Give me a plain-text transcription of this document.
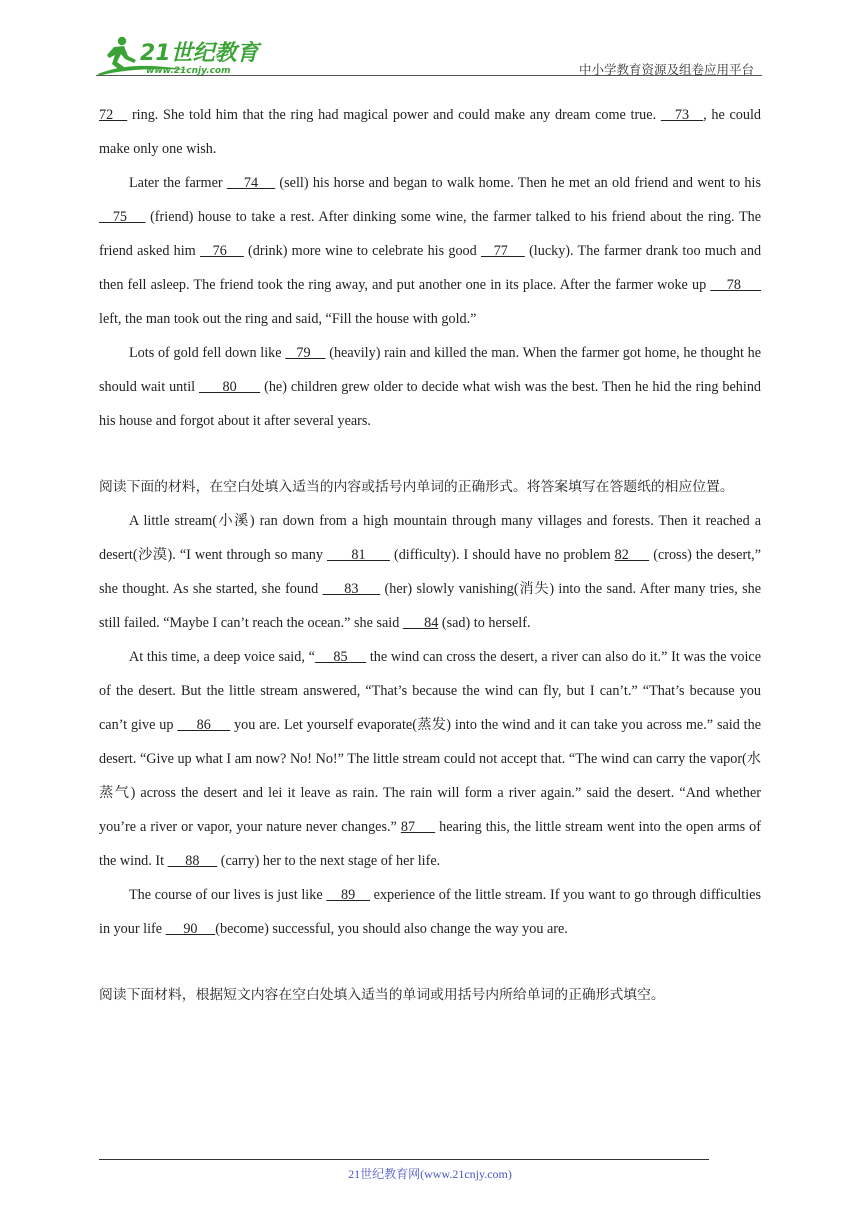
21世纪教育
www.21cnjy.com	中小学教育资源及组卷应用平台

72    ring. She told him that the ring had magical power and could make any dream come true.    73   , he could make only one wish.

Later the farmer     74     (sell) his horse and began to walk home. Then he met an old friend and went to his    75     (friend) house to take a rest. After dinking some wine, the farmer talked to his friend about the ring. The friend asked him    76     (drink) more wine to celebrate his good    77     (lucky). The farmer drank too much and then fell asleep. The friend took the ring away, and put another one in its place. After the farmer woke up     78      left, the man took out the ring and said, “Fill the house with gold.”

Lots of gold fell down like    79     (heavily) rain and killed the man. When the farmer got home, he thought he should wait until       80       (he) children grew older to decide what wish was the best. Then he hid the ring behind his house and forgot about it after several years.

阅读下面的材料，在空白处填入适当的内容或括号内单词的正确形式。将答案填写在答题纸的相应位置。

A little stream(小溪) ran down from a high mountain through many villages and forests. Then it reached a desert(沙漠). “I went through so many       81       (difficulty). I should have no problem 82      (cross) the desert,” she thought. As she started, she found      83      (her) slowly vanishing(消失) into the sand. After many tries, she still failed. “Maybe I can’t reach the ocean.” she said       84 (sad) to herself.

At this time, a deep voice said, “     85      the wind can cross the desert, a river can also do it.” It was the voice of the desert. But the little stream answered, “That’s because the wind can fly, but I can’t.” “That’s because you can’t give up      86      you are. Let yourself evaporate(蒸发) into the wind and it can take you across me.” said the desert. “Give up what I am now? No! No!” The little stream could not accept that. “The wind can carry the vapor(水蒸气) across the desert and lei it leave as rain. The rain will form a river again.” said the desert. “And whether you’re a river or vapor, your nature never changes.” 87      hearing this, the little stream went into the open arms of the wind. It      88      (carry) her to the next stage of her life.

The course of our lives is just like     89     experience of the little stream. If you want to go through difficulties in your life      90     (become) successful, you should also change the way you are.

阅读下面材料，根据短文内容在空白处填入适当的单词或用括号内所给单词的正确形式填空。

21世纪教育网(www.21cnjy.com)
